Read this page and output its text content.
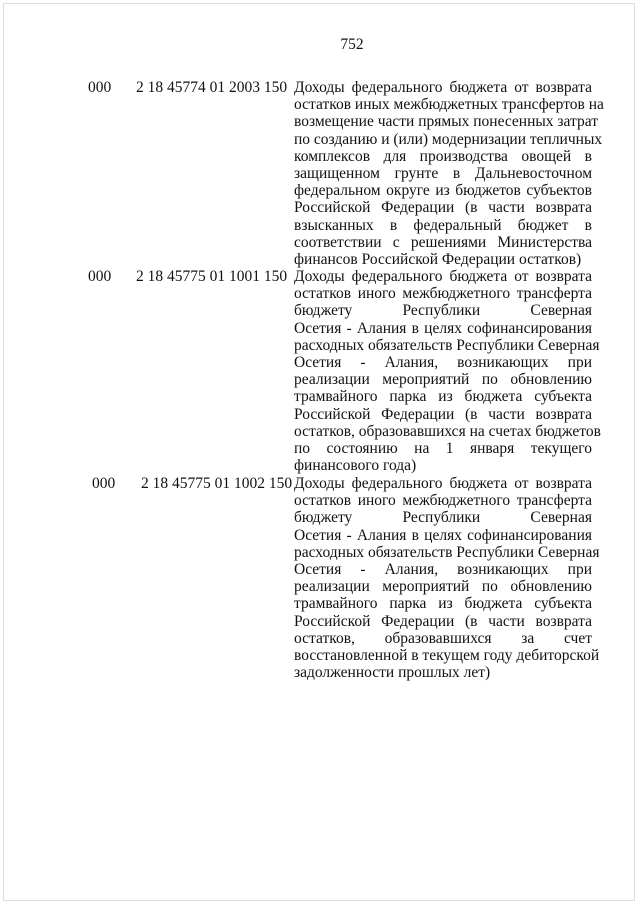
752
000 2 18 45774 01 2003 150 Доходы федерального бюджета от возврата
остатков иных межбюджетных трансфертов на
возмещение части прямых понесенных затрат
по созданию и (или) модернизации тепличных
комплексов для производства овощей в
защищенном грунте в Дальневосточном
федеральном округе из бюджетов субъектов
Российской Федерации (в части возврата
взысканных в федеральный бюджет в
соответствии с решениями Министерства
финансов Российской Федерации остатков)
000 2 18 45775 01 1001 150 Доходы федерального бюджета от возврата
остатков иного межбюджетного трансферта
бюджету Республики Северная
Осетия - Алания в целях софинансирования
расходных обязательств Республики Северная
Осетия - Алания, возникающих при
реализации мероприятий по обновлению
трамвайного парка из бюджета субъекта
Российской Федерации (в части возврата
остатков, образовавшихся на счетах бюджетов
по состоянию на 1 января текущего
финансового года)
000 2 18 45775 01 1002 150 Доходы федерального бюджета от возврата
остатков иного межбюджетного трансферта
бюджету Республики Северная
Осетия - Алания в целях софинансирования
расходных обязательств Республики Северная
Осетия - Алания, возникающих при
реализации мероприятий по обновлению
трамвайного парка из бюджета субъекта
Российской Федерации (в части возврата
остатков, образовавшихся за счет
восстановленной в текущем году дебиторской
задолженности прошлых лет)
